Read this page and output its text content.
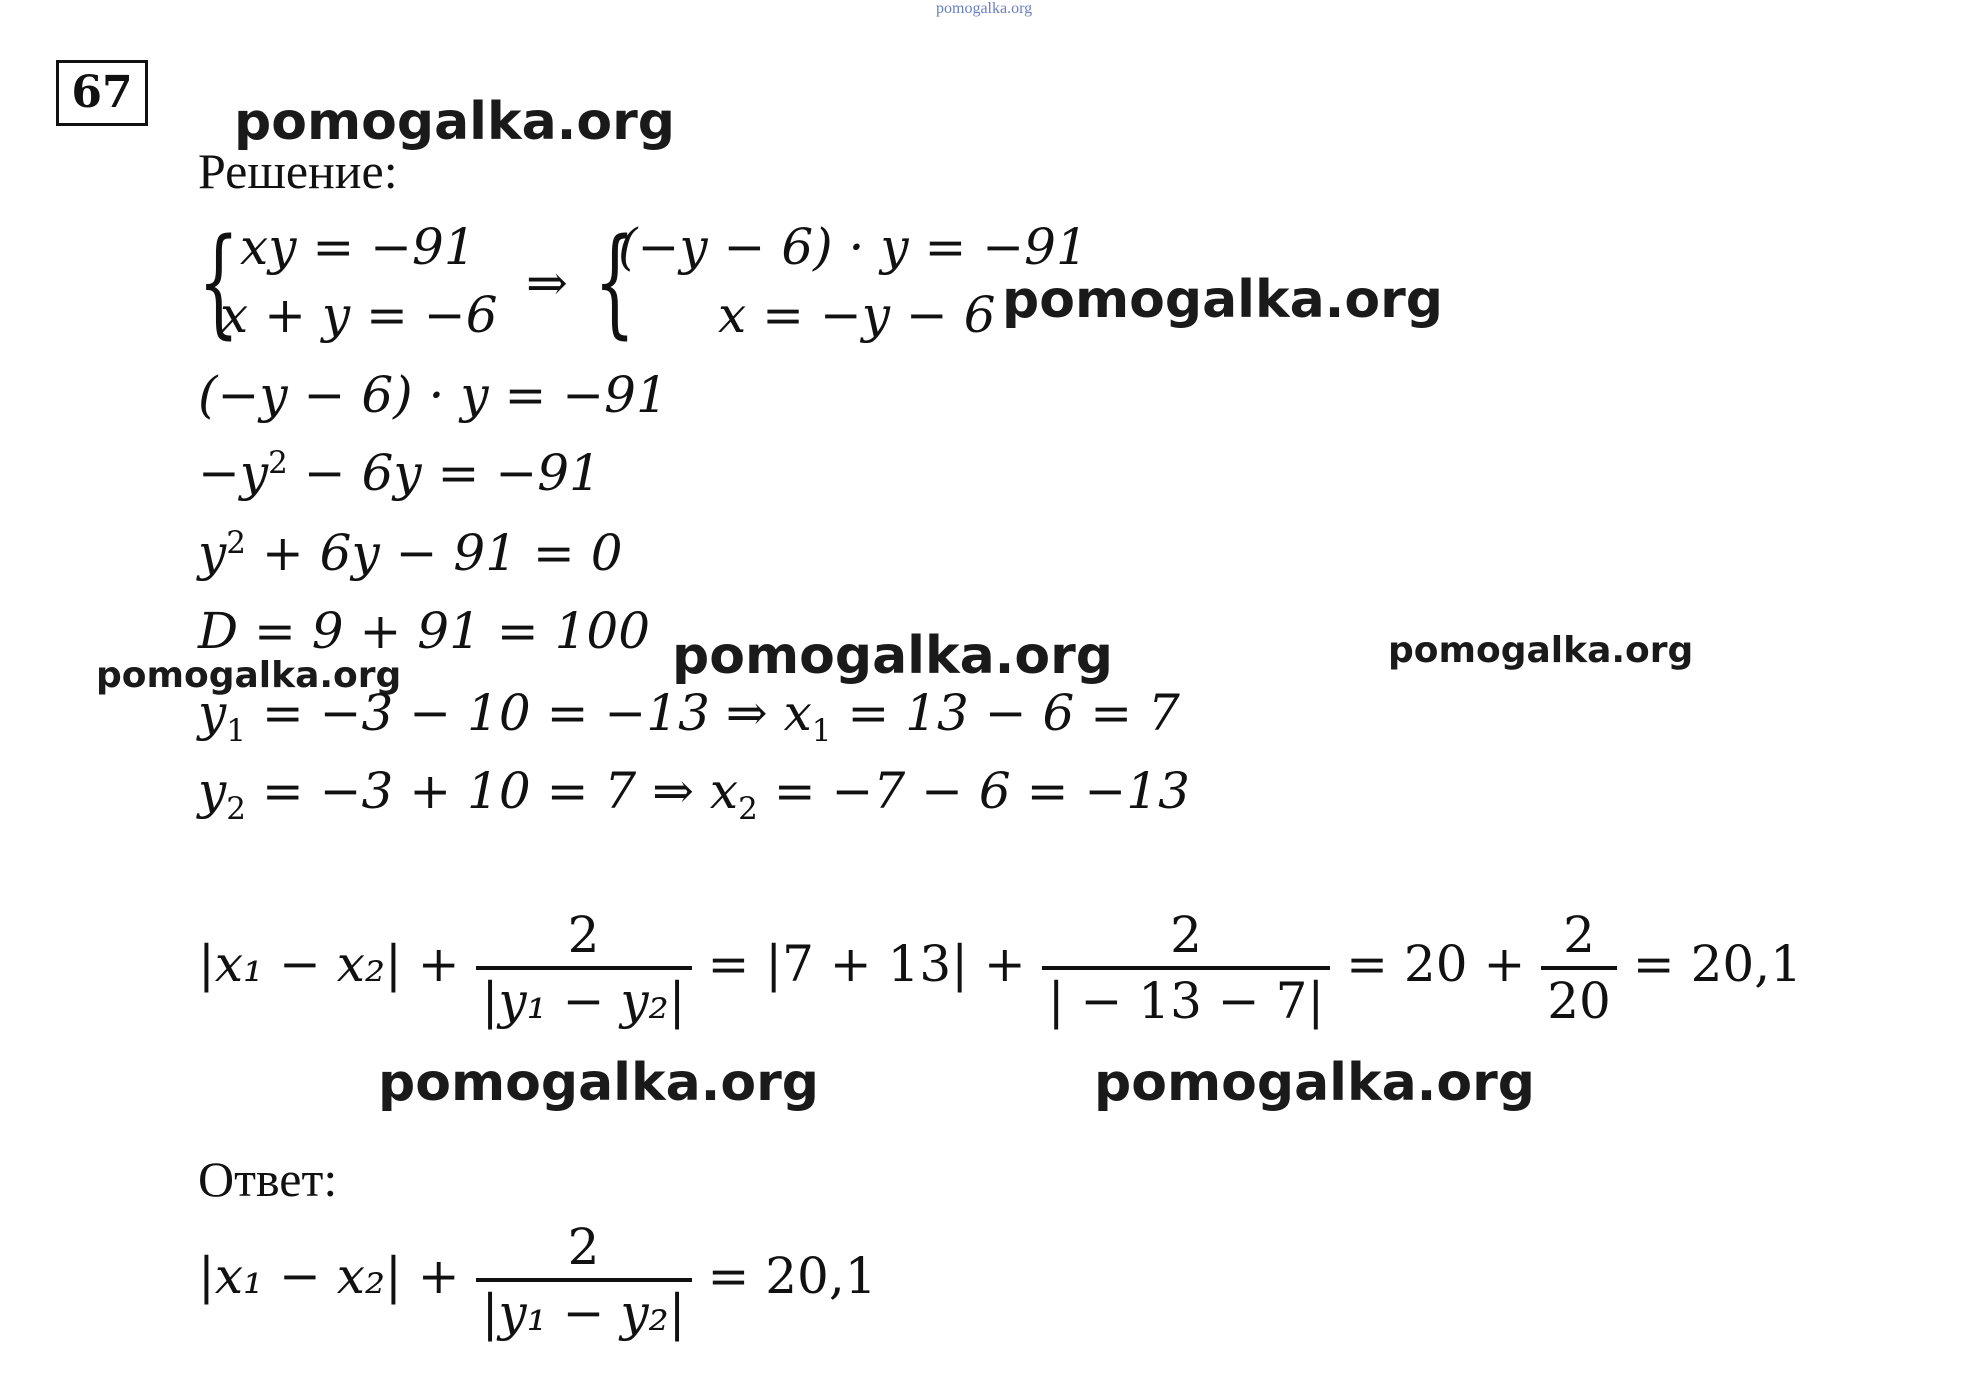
pomogalka.org
67 pomogalka.org
pomogalka.org
pomogalka.org
pomogalka.org
pomogalka.org
pomogalka.org	pomogalka.org
Решение:
{ xy = −91
x + y = −6
⇒ {
(−y − 6) · y = −91
x = −y − 6
(−y − 6) · y = −91
$-y^2 - 6y = -91$
$y^2 + 6y - 91 = 0$
D = 9 + 91 = 100
$y_1 = -3 - 10 = -13$ ⇒ $x_1 = 13 - 6 = 7$
$y_2 = -3 + 10 = 7$ ⇒ $x_2 = -7 - 6 = -13$
$|x_1 - x_2| + \frac{2}{\text{|y₁ − y₂|}} = |7 + 13| + \frac{2}{| - 13 - 7|} = 20 + \frac{2}{20} = 20,1$
Ответ:
$|x_1 - x_2| + \frac{2}{\text{|y₁ − y₂|}} = 20,1$
